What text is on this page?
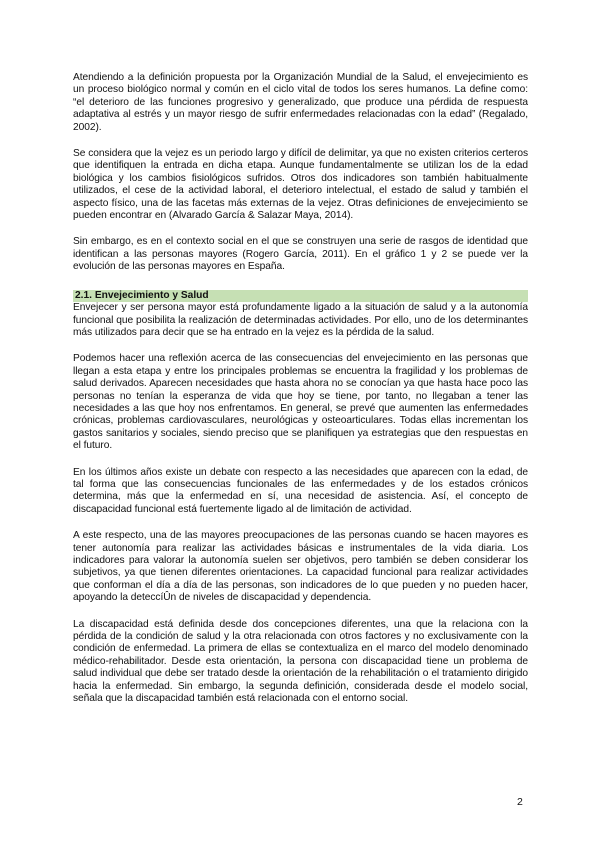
Atendiendo a la definición propuesta por la Organización Mundial de la Salud, el envejecimiento es un proceso biológico normal y común en el ciclo vital de todos los seres humanos. La define como: “el deterioro de las funciones progresivo y generalizado, que produce una pérdida de respuesta adaptativa al estrés y un mayor riesgo de sufrir enfermedades relacionadas con la edad” (Regalado, 2002).

Se considera que la vejez es un periodo largo y difícil de delimitar, ya que no existen criterios certeros que identifiquen la entrada en dicha etapa. Aunque fundamentalmente se utilizan los de la edad biológica y los cambios fisiológicos sufridos. Otros dos indicadores son también habitualmente utilizados, el cese de la actividad laboral, el deterioro intelectual, el estado de salud y también el aspecto físico, una de las facetas más externas de la vejez. Otras definiciones de envejecimiento se pueden encontrar en (Alvarado García & Salazar Maya, 2014).

Sin embargo, es en el contexto social en el que se construyen una serie de rasgos de identidad que identifican a las personas mayores (Rogero García, 2011). En el gráfico 1 y 2 se puede ver la evolución de las personas mayores en España.

2.1. Envejecimiento y Salud

Envejecer y ser persona mayor está profundamente ligado a la situación de salud y a la autonomía funcional que posibilita la realización de determinadas actividades. Por ello, uno de los determinantes más utilizados para decir que se ha entrado en la vejez es la pérdida de la salud.

Podemos hacer una reflexión acerca de las consecuencias del envejecimiento en las personas que llegan a esta etapa y entre los principales problemas se encuentra la fragilidad y los problemas de salud derivados. Aparecen necesidades que hasta ahora no se conocían ya que hasta hace poco las personas no tenían la esperanza de vida que hoy se tiene, por tanto, no llegaban a tener las necesidades a las que hoy nos enfrentamos. En general, se prevé que aumenten las enfermedades crónicas, problemas cardiovasculares, neurológicas y osteoarticulares. Todas ellas incrementan los gastos sanitarios y sociales, siendo preciso que se planifiquen ya estrategias que den respuestas en el futuro.

En los últimos años existe un debate con respecto a las necesidades que aparecen con la edad, de tal forma que las consecuencias funcionales de las enfermedades y de los estados crónicos determina, más que la enfermedad en sí, una necesidad de asistencia. Así, el concepto de discapacidad funcional está fuertemente ligado al de limitación de actividad.

A este respecto, una de las mayores preocupaciones de las personas cuando se hacen mayores es tener autonomía para realizar las actividades básicas e instrumentales de la vida diaria. Los indicadores para valorar la autonomía suelen ser objetivos, pero también se deben considerar los subjetivos, ya que tienen diferentes orientaciones. La capacidad funcional para realizar actividades que conforman el día a día de las personas, son indicadores de lo que pueden y no pueden hacer, apoyando la deteccíÛn de niveles de discapacidad y dependencia.

La discapacidad está definida desde dos concepciones diferentes, una que la relaciona con la pérdida de la condición de salud y la otra relacionada con otros factores y no exclusivamente con la condición de enfermedad. La primera de ellas se contextualiza en el marco del modelo denominado médico-rehabilitador. Desde esta orientación, la persona con discapacidad tiene un problema de salud individual que debe ser tratado desde la orientación de la rehabilitación o el tratamiento dirigido hacia la enfermedad. Sin embargo, la segunda definición, considerada desde el modelo social, señala que la discapacidad también está relacionada con el entorno social.

2
